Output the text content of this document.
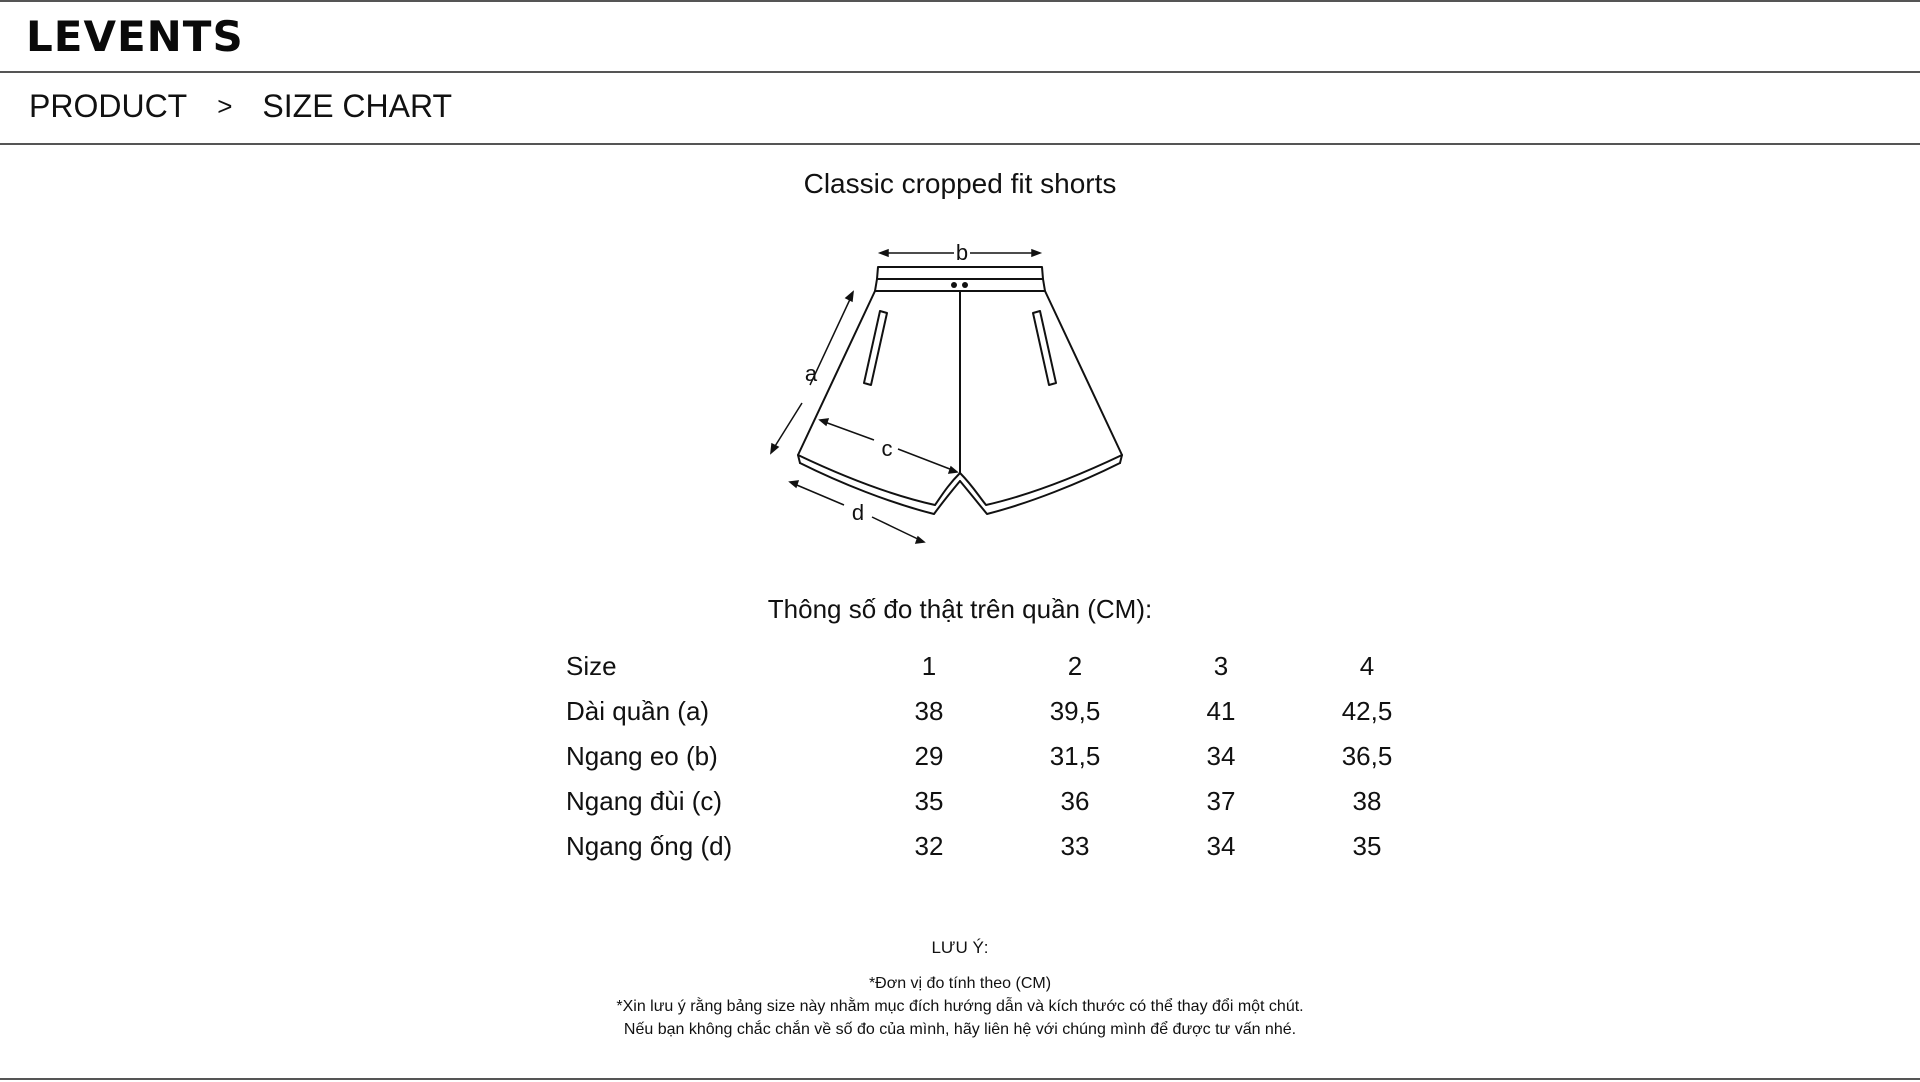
LEVENTS
PRODUCT > SIZE CHART
Classic cropped fit shorts
b
a
c
d
Thông số đo thật trên quần (CM):
Size	1	2	3	4
Dài quần (a)	38	39,5	41	42,5
Ngang eo (b)	29	31,5	34	36,5
Ngang đùi (c)	35	36	37	38
Ngang ống (d)	32	33	34	35
LƯU Ý:
*Đơn vị đo tính theo (CM)
*Xin lưu ý rằng bảng size này nhằm mục đích hướng dẫn và kích thước có thể thay đổi một chút.
Nếu bạn không chắc chắn về số đo của mình, hãy liên hệ với chúng mình để được tư vấn nhé.
